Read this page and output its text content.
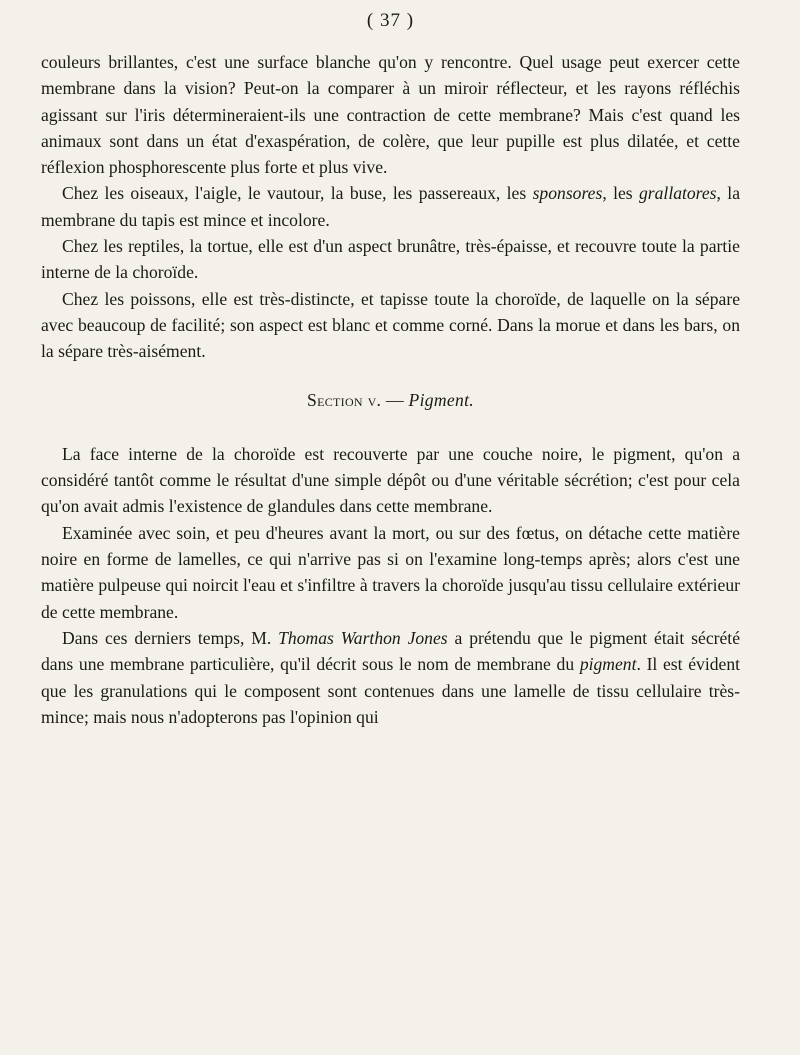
( 37 )

couleurs brillantes, c'est une surface blanche qu'on y rencontre. Quel usage peut exercer cette membrane dans la vision? Peut-on la comparer à un miroir réflecteur, et les rayons réfléchis agissant sur l'iris détermineraient-ils une contraction de cette membrane? Mais c'est quand les animaux sont dans un état d'exaspération, de colère, que leur pupille est plus dilatée, et cette réflexion phosphorescente plus forte et plus vive.

Chez les oiseaux, l'aigle, le vautour, la buse, les passereaux, les sponsores, les grallatores, la membrane du tapis est mince et incolore.

Chez les reptiles, la tortue, elle est d'un aspect brunâtre, très-épaisse, et recouvre toute la partie interne de la choroïde.

Chez les poissons, elle est très-distincte, et tapisse toute la choroïde, de laquelle on la sépare avec beaucoup de facilité; son aspect est blanc et comme corné. Dans la morue et dans les bars, on la sépare très-aisément.

Section v. — Pigment.

La face interne de la choroïde est recouverte par une couche noire, le pigment, qu'on a considéré tantôt comme le résultat d'une simple dépôt ou d'une véritable sécrétion; c'est pour cela qu'on avait admis l'existence de glandules dans cette membrane.

Examinée avec soin, et peu d'heures avant la mort, ou sur des fœtus, on détache cette matière noire en forme de lamelles, ce qui n'arrive pas si on l'examine long-temps après; alors c'est une matière pulpeuse qui noircit l'eau et s'infiltre à travers la choroïde jusqu'au tissu cellulaire extérieur de cette membrane.

Dans ces derniers temps, M. Thomas Warthon Jones a prétendu que le pigment était sécrété dans une membrane particulière, qu'il décrit sous le nom de membrane du pigment. Il est évident que les granulations qui le composent sont contenues dans une lamelle de tissu cellulaire très-mince; mais nous n'adopterons pas l'opinion qui
